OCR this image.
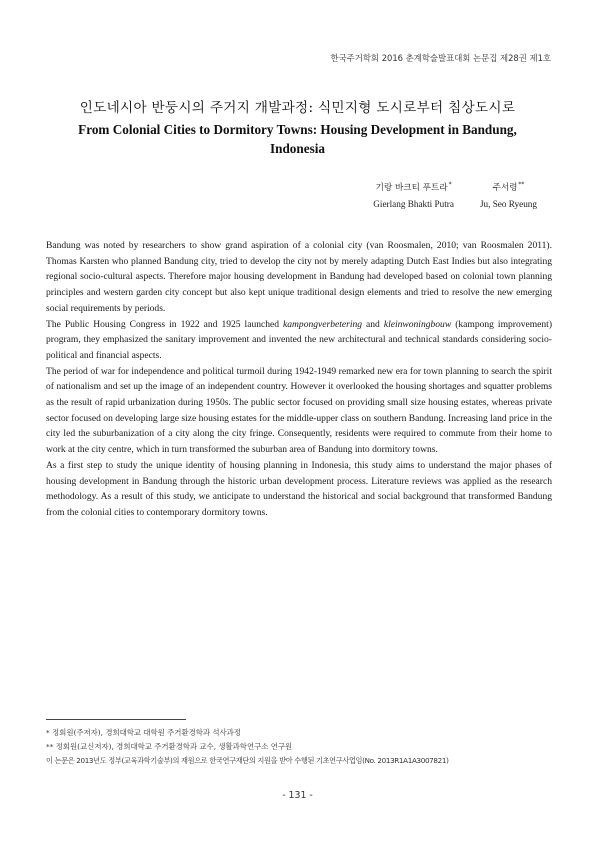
한국주거학회 2016 춘계학술발표대회 논문집 제28권 제1호
인도네시아 반둥시의 주거지 개발과정: 식민지형 도시로부터 침상도시로
From Colonial Cities to Dormitory Towns: Housing Development in Bandung, Indonesia
기랑 바크티 푸트라*
Gierlang Bhakti Putra
주서령**
Ju, Seo Ryeung

Bandung was noted by researchers to show grand aspiration of a colonial city (van Roosmalen, 2010; van Roosmalen 2011). Thomas Karsten who planned Bandung city, tried to develop the city not by merely adapting Dutch East Indies but also integrating regional socio-cultural aspects. Therefore major housing development in Bandung had developed based on colonial town planning principles and western garden city concept but also kept unique traditional design elements and tried to resolve the new emerging social requirements by periods.

The Public Housing Congress in 1922 and 1925 launched kampongverbetering and kleinwoningbouw (kampong improvement) program, they emphasized the sanitary improvement and invented the new architectural and technical standards considering socio-political and financial aspects.

The period of war for independence and political turmoil during 1942-1949 remarked new era for town planning to search the spirit of nationalism and set up the image of an independent country. However it overlooked the housing shortages and squatter problems as the result of rapid urbanization during 1950s. The public sector focused on providing small size housing estates, whereas private sector focused on developing large size housing estates for the middle-upper class on southern Bandung. Increasing land price in the city led the suburbanization of a city along the city fringe. Consequently, residents were required to commute from their home to work at the city centre, which in turn transformed the suburban area of Bandung into dormitory towns.

As a first step to study the unique identity of housing planning in Indonesia, this study aims to understand the major phases of housing development in Bandung through the historic urban development process. Literature reviews was applied as the research methodology. As a result of this study, we anticipate to understand the historical and social background that transformed Bandung from the colonial cities to contemporary dormitory towns.

* 정회원(주저자), 경희대학교 대학원 주거환경학과 석사과정
** 정회원(교신저자), 경희대학교 주거환경학과 교수, 생활과학연구소 연구원
이 논문은 2013년도 정부(교육과학기술부)의 재원으로 한국연구재단의 지원을 받아 수행된 기초연구사업임(No. 2013R1A1A3007821)
- 131 -
